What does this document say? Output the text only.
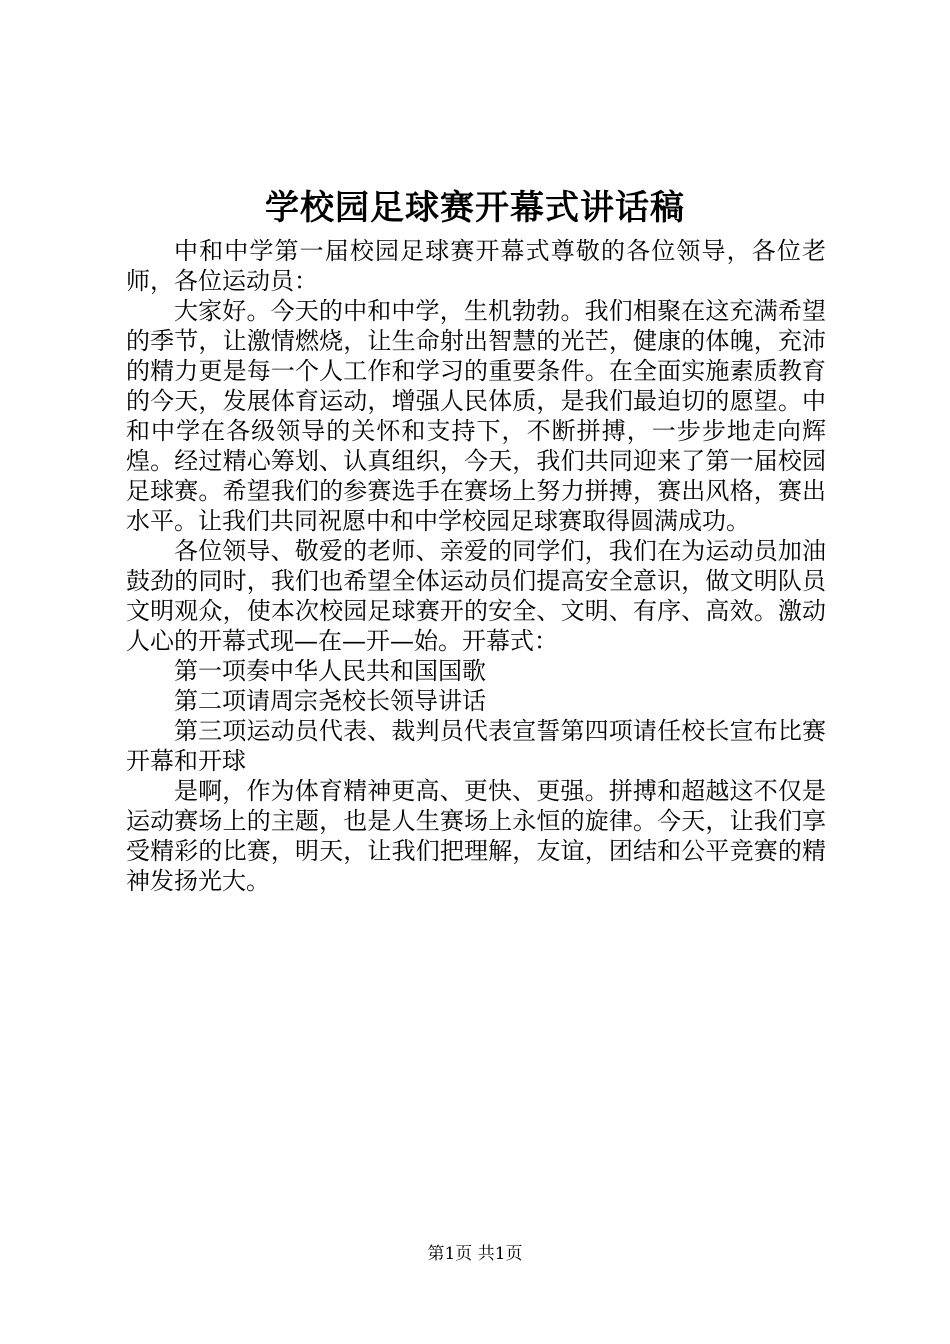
学校园足球赛开幕式讲话稿

中和中学第一届校园足球赛开幕式尊敬的各位领导，各位老师，各位运动员：

大家好。今天的中和中学，生机勃勃。我们相聚在这充满希望的季节，让激情燃烧，让生命射出智慧的光芒，健康的体魄，充沛的精力更是每一个人工作和学习的重要条件。在全面实施素质教育的今天，发展体育运动，增强人民体质，是我们最迫切的愿望。中和中学在各级领导的关怀和支持下，不断拼搏，一步步地走向辉煌。经过精心筹划、认真组织，今天，我们共同迎来了第一届校园足球赛。希望我们的参赛选手在赛场上努力拼搏，赛出风格，赛出水平。让我们共同祝愿中和中学校园足球赛取得圆满成功。

各位领导、敬爱的老师、亲爱的同学们，我们在为运动员加油鼓劲的同时，我们也希望全体运动员们提高安全意识，做文明队员文明观众，使本次校园足球赛开的安全、文明、有序、高效。激动人心的开幕式现—在—开—始。开幕式：

第一项奏中华人民共和国国歌

第二项请周宗尧校长领导讲话

第三项运动员代表、裁判员代表宣誓第四项请任校长宣布比赛开幕和开球

是啊，作为体育精神更高、更快、更强。拼搏和超越这不仅是运动赛场上的主题，也是人生赛场上永恒的旋律。今天，让我们享受精彩的比赛，明天，让我们把理解，友谊，团结和公平竞赛的精神发扬光大。

第1页 共1页
